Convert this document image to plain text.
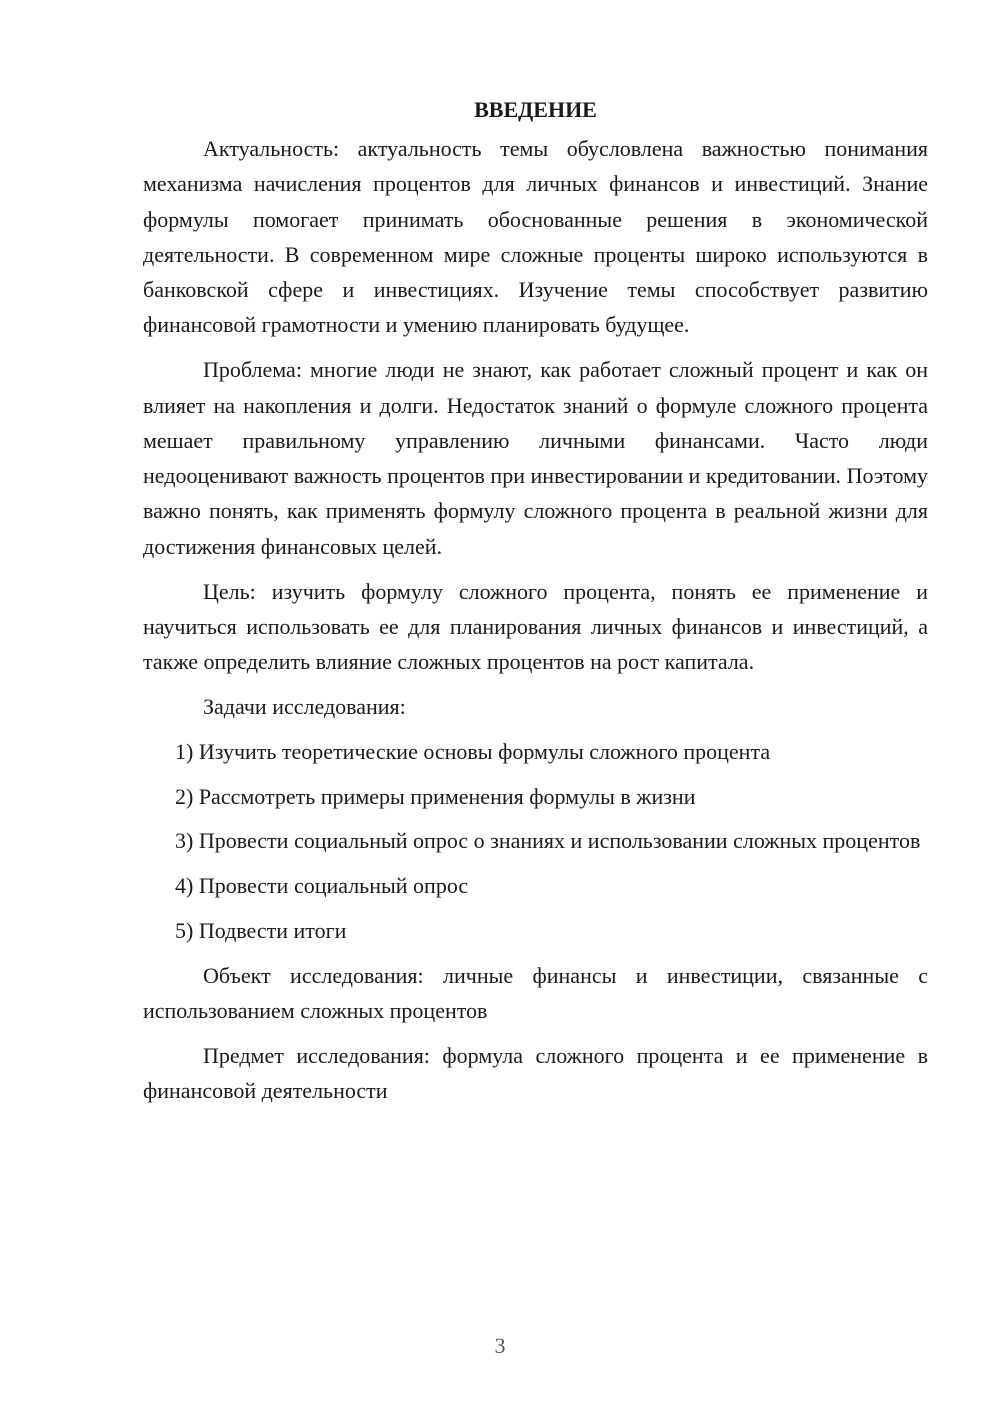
ВВЕДЕНИЕ

Актуальность: актуальность темы обусловлена важностью понимания механизма начисления процентов для личных финансов и инвестиций. Знание формулы помогает принимать обоснованные решения в экономической деятельности. В современном мире сложные проценты широко используются в банковской сфере и инвестициях. Изучение темы способствует развитию финансовой грамотности и умению планировать будущее.

Проблема: многие люди не знают, как работает сложный процент и как он влияет на накопления и долги. Недостаток знаний о формуле сложного процента мешает правильному управлению личными финансами. Часто люди недооценивают важность процентов при инвестировании и кредитовании. Поэтому важно понять, как применять формулу сложного процента в реальной жизни для достижения финансовых целей.

Цель: изучить формулу сложного процента, понять ее применение и научиться использовать ее для планирования личных финансов и инвестиций, а также определить влияние сложных процентов на рост капитала.

Задачи исследования:

1) Изучить теоретические основы формулы сложного процента

2) Рассмотреть примеры применения формулы в жизни

3) Провести социальный опрос о знаниях и использовании сложных процентов

4) Провести социальный опрос

5) Подвести итоги

Объект исследования: личные финансы и инвестиции, связанные с использованием сложных процентов

Предмет исследования: формула сложного процента и ее применение в финансовой деятельности

3
